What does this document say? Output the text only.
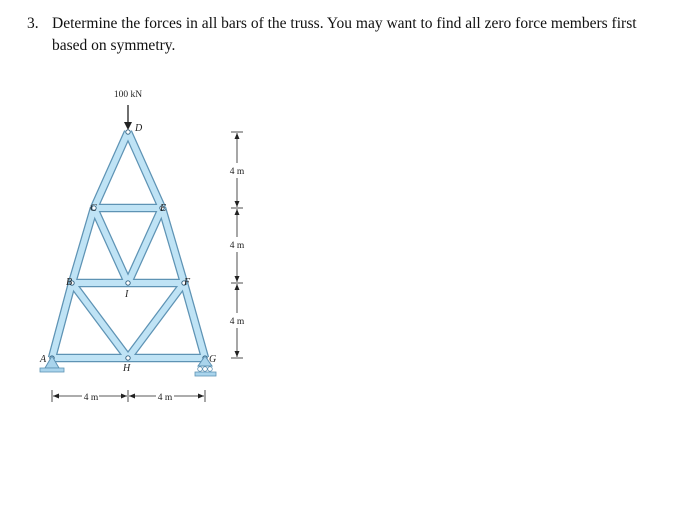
3. Determine the forces in all bars of the truss. You may want to find all zero force members first based on symmetry.
100 kN
D
C	E
B	F
I
A	G
H
4 m	4 m
4 m
4 m
4 m
